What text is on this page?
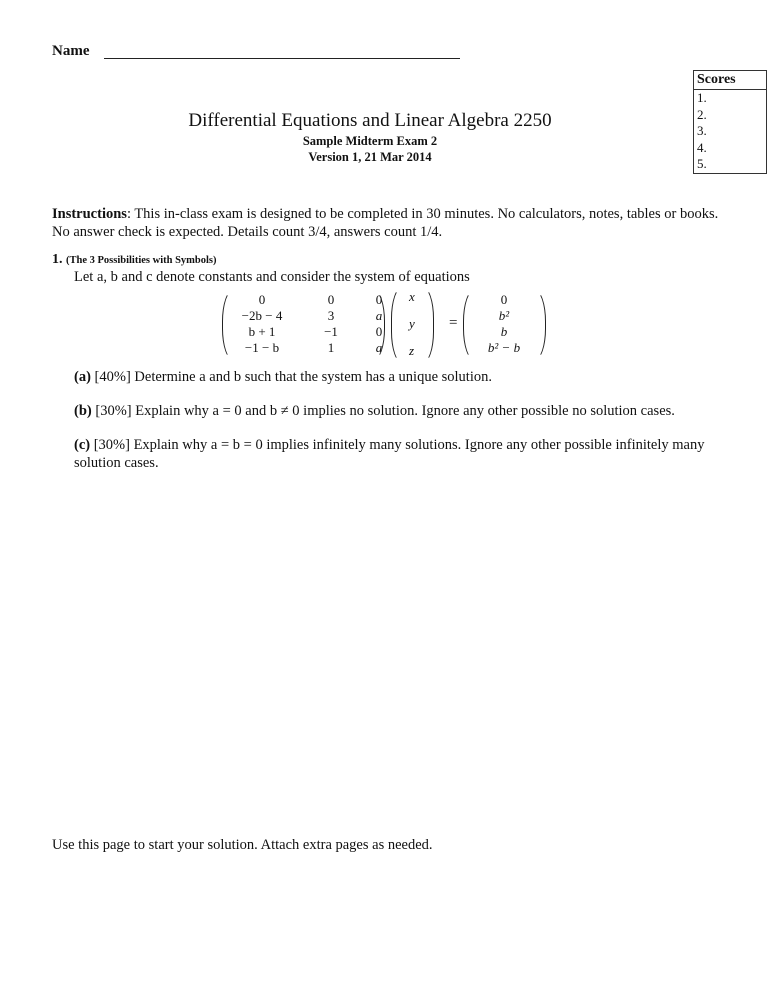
Name
Scores
1.
2.
3.
4.
5.
Differential Equations and Linear Algebra 2250
Sample Midterm Exam 2
Version 1, 21 Mar 2014
Instructions: This in-class exam is designed to be completed in 30 minutes. No calculators, notes, tables or books. No answer check is expected. Details count 3/4, answers count 1/4.
1. (The 3 Possibilities with Symbols)
Let a, b and c denote constants and consider the system of equations
0	0	0
−2b − 4	3	a
b + 1	−1	0
−1 − b	1	a
x
y
z
=
0
b²
b
b² − b
(a) [40%] Determine a and b such that the system has a unique solution.
(b) [30%] Explain why a = 0 and b ≠ 0 implies no solution. Ignore any other possible no solution cases.
(c) [30%] Explain why a = b = 0 implies infinitely many solutions. Ignore any other possible infinitely many solution cases.
Use this page to start your solution. Attach extra pages as needed.
